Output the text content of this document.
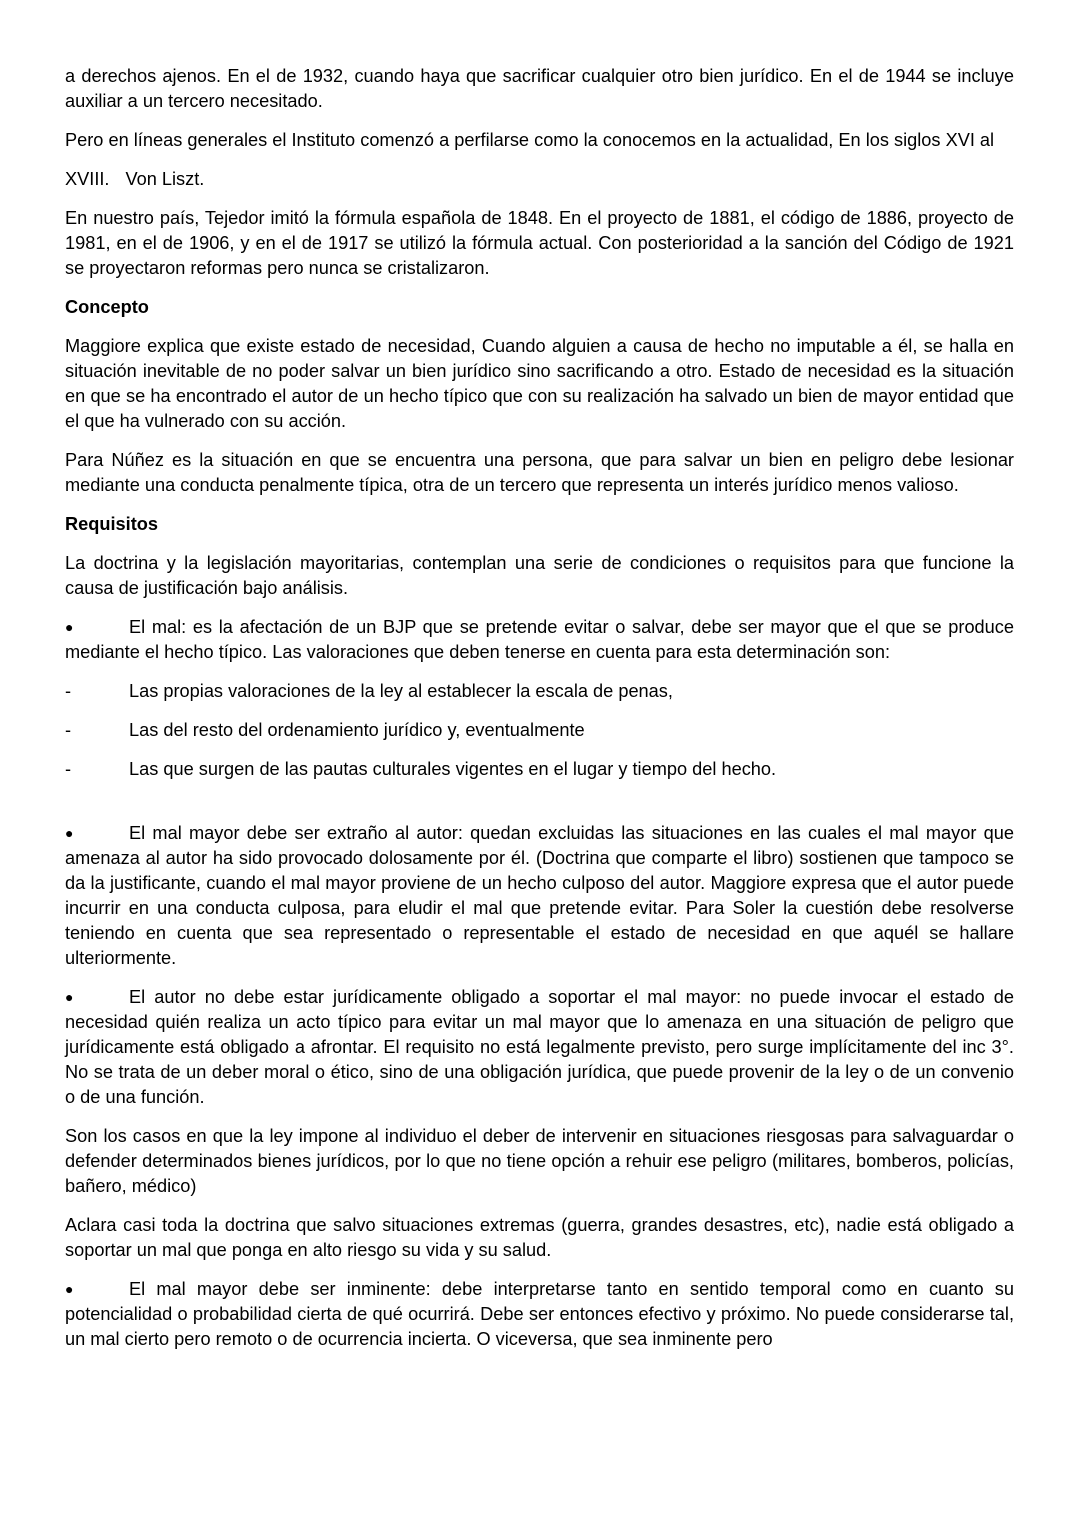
a derechos ajenos. En el de 1932, cuando haya que sacrificar cualquier otro bien jurídico. En el de 1944 se incluye auxiliar a un tercero necesitado.

Pero en líneas generales el Instituto comenzó a perfilarse como la conocemos en la actualidad, En los siglos XVI al

XVIII. Von Liszt.

En nuestro país, Tejedor imitó la fórmula española de 1848. En el proyecto de 1881, el código de 1886, proyecto de 1981, en el de 1906, y en el de 1917 se utilizó la fórmula actual. Con posterioridad a la sanción del Código de 1921 se proyectaron reformas pero nunca se cristalizaron.

Concepto

Maggiore explica que existe estado de necesidad, Cuando alguien a causa de hecho no imputable a él, se halla en situación inevitable de no poder salvar un bien jurídico sino sacrificando a otro. Estado de necesidad es la situación en que se ha encontrado el autor de un hecho típico que con su realización ha salvado un bien de mayor entidad que el que ha vulnerado con su acción.

Para Núñez es la situación en que se encuentra una persona, que para salvar un bien en peligro debe lesionar mediante una conducta penalmente típica, otra de un tercero que representa un interés jurídico menos valioso.

Requisitos

La doctrina y la legislación mayoritarias, contemplan una serie de condiciones o requisitos para que funcione la causa de justificación bajo análisis.

●	El mal: es la afectación de un BJP que se pretende evitar o salvar, debe ser mayor que el que se produce mediante el hecho típico. Las valoraciones que deben tenerse en cuenta para esta determinación son:
-	Las propias valoraciones de la ley al establecer la escala de penas,
-	Las del resto del ordenamiento jurídico y, eventualmente
-	Las que surgen de las pautas culturales vigentes en el lugar y tiempo del hecho.
●	El mal mayor debe ser extraño al autor: quedan excluidas las situaciones en las cuales el mal mayor que amenaza al autor ha sido provocado dolosamente por él. (Doctrina que comparte el libro) sostienen que tampoco se da la justificante, cuando el mal mayor proviene de un hecho culposo del autor. Maggiore expresa que el autor puede incurrir en una conducta culposa, para eludir el mal que pretende evitar. Para Soler la cuestión debe resolverse teniendo en cuenta que sea representado o representable el estado de necesidad en que aquél se hallare ulteriormente.
●	El autor no debe estar jurídicamente obligado a soportar el mal mayor: no puede invocar el estado de necesidad quién realiza un acto típico para evitar un mal mayor que lo amenaza en una situación de peligro que jurídicamente está obligado a afrontar. El requisito no está legalmente previsto, pero surge implícitamente del inc 3°. No se trata de un deber moral o ético, sino de una obligación jurídica, que puede provenir de la ley o de un convenio o de una función.

Son los casos en que la ley impone al individuo el deber de intervenir en situaciones riesgosas para salvaguardar o defender determinados bienes jurídicos, por lo que no tiene opción a rehuir ese peligro (militares, bomberos, policías, bañero, médico)

Aclara casi toda la doctrina que salvo situaciones extremas (guerra, grandes desastres, etc), nadie está obligado a soportar un mal que ponga en alto riesgo su vida y su salud.

●	El mal mayor debe ser inminente: debe interpretarse tanto en sentido temporal como en cuanto su potencialidad o probabilidad cierta de qué ocurrirá. Debe ser entonces efectivo y próximo. No puede considerarse tal, un mal cierto pero remoto o de ocurrencia incierta. O viceversa, que sea inminente pero
